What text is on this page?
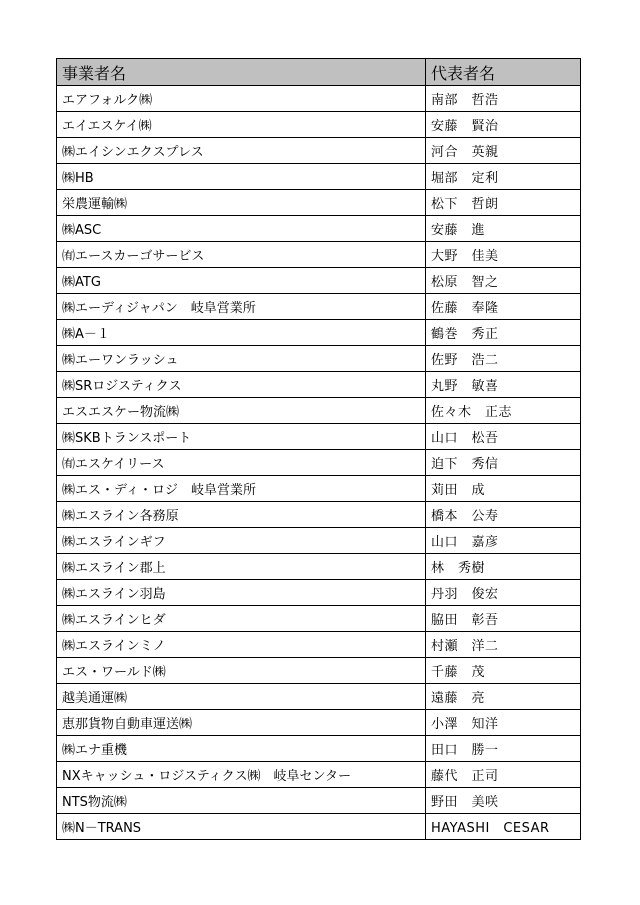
事業者名	代表者名
エアフォルク㈱	南部　哲浩
エイエスケイ㈱	安藤　賢治
㈱エイシンエクスプレス	河合　英親
㈱HB	堀部　定利
栄農運輸㈱	松下　哲朗
㈱ASC	安藤　進
㈲エースカーゴサービス	大野　佳美
㈱ATG	松原　智之
㈱エーディジャパン　岐阜営業所	佐藤　奉隆
㈱A－１	鶴巻　秀正
㈱エーワンラッシュ	佐野　浩二
㈱SRロジスティクス	丸野　敏喜
エスエスケー物流㈱	佐々木　正志
㈱SKBトランスポート	山口　松吾
㈲エスケイリース	迫下　秀信
㈱エス・ディ・ロジ　岐阜営業所	苅田　成
㈱エスライン各務原	橋本　公寿
㈱エスラインギフ	山口　嘉彦
㈱エスライン郡上	林　秀樹
㈱エスライン羽島	丹羽　俊宏
㈱エスラインヒダ	脇田　彰吾
㈱エスラインミノ	村瀬　洋二
エス・ワールド㈱	千藤　茂
越美通運㈱	遠藤　亮
恵那貨物自動車運送㈱	小澤　知洋
㈱エナ重機	田口　勝一
NXキャッシュ・ロジスティクス㈱　岐阜センター	藤代　正司
NTS物流㈱	野田　美咲
㈱N－TRANS	HAYASHI　CESAR
